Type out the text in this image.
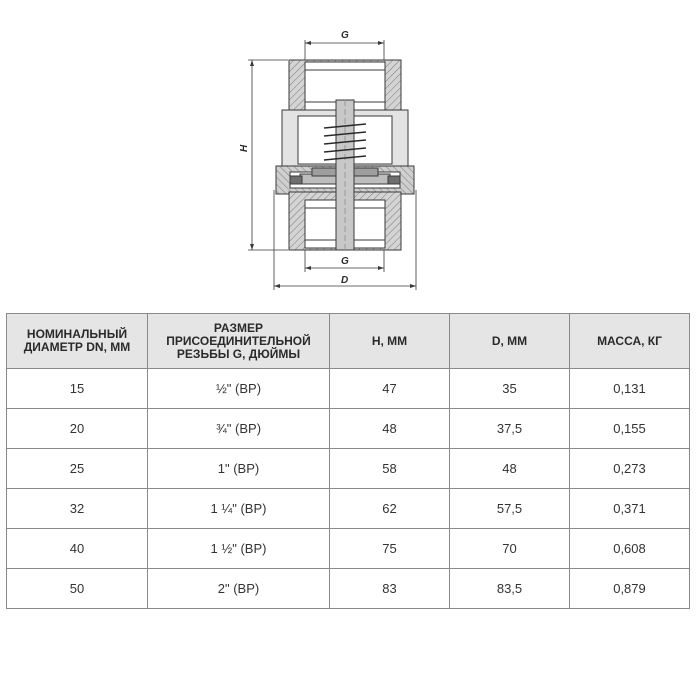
G
H
G
D
НОМИНАЛЬНЫЙ ДИАМЕТР DN, ММ	РАЗМЕР ПРИСОЕДИНИТЕЛЬНОЙ РЕЗЬБЫ G, ДЮЙМЫ	H, ММ	D, ММ	МАССА, КГ
15	½" (ВР)	47	35	0,131
20	¾" (ВР)	48	37,5	0,155
25	1" (ВР)	58	48	0,273
32	1 ¼" (ВР)	62	57,5	0,371
40	1 ½" (ВР)	75	70	0,608
50	2" (ВР)	83	83,5	0,879
